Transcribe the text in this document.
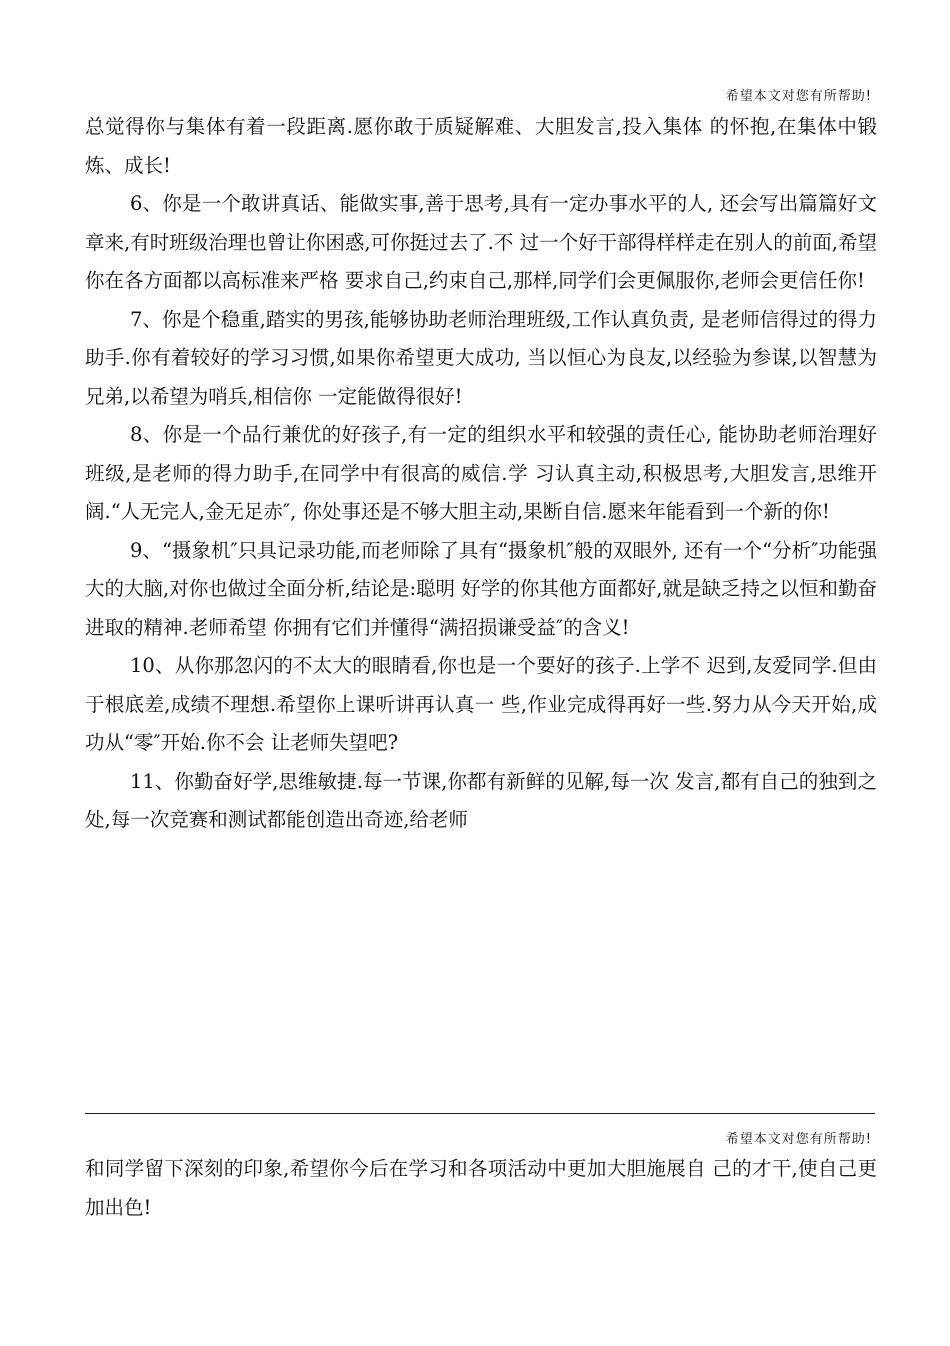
希望本文对您有所帮助!

总觉得你与集体有着一段距离.愿你敢于质疑解难、大胆发言,投入集体 的怀抱,在集体中锻炼、成长!

6、你是一个敢讲真话、能做实事,善于思考,具有一定办事水平的人, 还会写出篇篇好文章来,有时班级治理也曾让你困惑,可你挺过去了.不 过一个好干部得样样走在别人的前面,希望你在各方面都以高标准来严格 要求自己,约束自己,那样,同学们会更佩服你,老师会更信任你!

7、你是个稳重,踏实的男孩,能够协助老师治理班级,工作认真负责, 是老师信得过的得力助手.你有着较好的学习习惯,如果你希望更大成功, 当以恒心为良友,以经验为参谋,以智慧为兄弟,以希望为哨兵,相信你 一定能做得很好!

8、你是一个品行兼优的好孩子,有一定的组织水平和较强的责任心, 能协助老师治理好班级,是老师的得力助手,在同学中有很高的威信.学 习认真主动,积极思考,大胆发言,思维开阔.“人无完人,金无足赤″, 你处事还是不够大胆主动,果断自信.愿来年能看到一个新的你!

9、“摄象机″只具记录功能,而老师除了具有“摄象机″般的双眼外, 还有一个“分析″功能强大的大脑,对你也做过全面分析,结论是:聪明 好学的你其他方面都好,就是缺乏持之以恒和勤奋进取的精神.老师希望 你拥有它们并懂得“满招损谦受益″的含义!

10、从你那忽闪的不太大的眼睛看,你也是一个要好的孩子.上学不 迟到,友爱同学.但由于根底差,成绩不理想.希望你上课听讲再认真一 些,作业完成得再好一些.努力从今天开始,成功从“零″开始.你不会 让老师失望吧?

11、你勤奋好学,思维敏捷.每一节课,你都有新鲜的见解,每一次 发言,都有自己的独到之处,每一次竞赛和测试都能创造出奇迹,给老师

希望本文对您有所帮助!

和同学留下深刻的印象,希望你今后在学习和各项活动中更加大胆施展自 己的才干,使自己更加出色!
